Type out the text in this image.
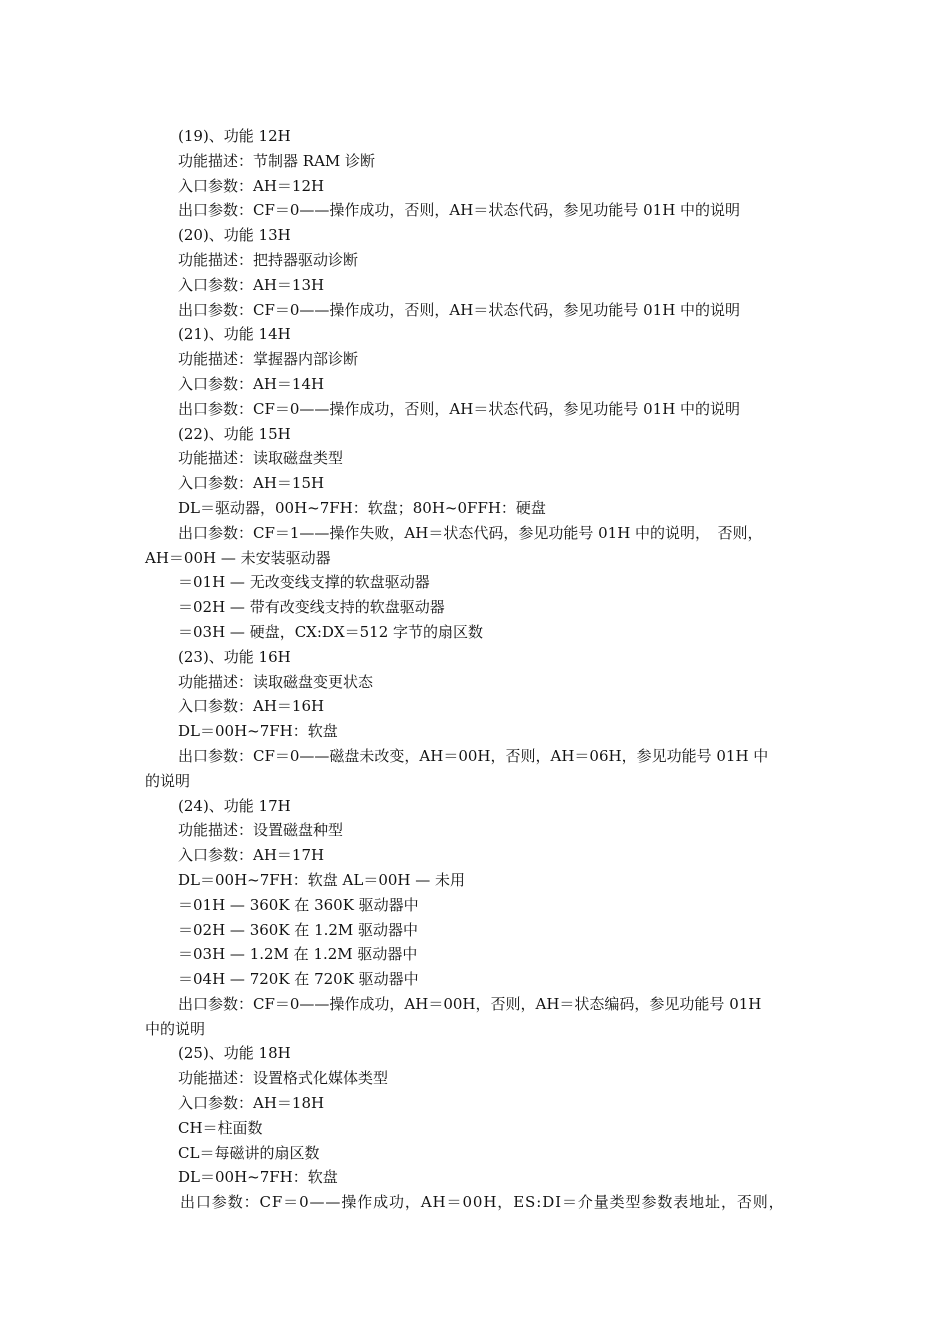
(19)、功能 12H
功能描述：节制器 RAM 诊断
入口参数：AH＝12H
出口参数：CF＝0——操作成功，否则，AH＝状态代码，参见功能号 01H 中的说明
(20)、功能 13H
功能描述：把持器驱动诊断
入口参数：AH＝13H
出口参数：CF＝0——操作成功，否则，AH＝状态代码，参见功能号 01H 中的说明
(21)、功能 14H
功能描述：掌握器内部诊断
入口参数：AH＝14H
出口参数：CF＝0——操作成功，否则，AH＝状态代码，参见功能号 01H 中的说明
(22)、功能 15H
功能描述：读取磁盘类型
入口参数：AH＝15H
DL＝驱动器，00H~7FH：软盘；80H~0FFH：硬盘
出口参数：CF＝1——操作失败，AH＝状态代码，参见功能号 01H 中的说明，　否则，
AH＝00H — 未安装驱动器
＝01H — 无改变线支撑的软盘驱动器
＝02H — 带有改变线支持的软盘驱动器
＝03H — 硬盘，CX:DX＝512 字节的扇区数
(23)、功能 16H
功能描述：读取磁盘变更状态
入口参数：AH＝16H
DL＝00H~7FH：软盘
出口参数：CF＝0——磁盘未改变，AH＝00H，否则，AH＝06H，参见功能号 01H 中
的说明
(24)、功能 17H
功能描述：设置磁盘种型
入口参数：AH＝17H
DL＝00H~7FH：软盘 AL＝00H — 未用
＝01H — 360K 在 360K 驱动器中
＝02H — 360K 在 1.2M 驱动器中
＝03H — 1.2M 在 1.2M 驱动器中
＝04H — 720K 在 720K 驱动器中
出口参数：CF＝0——操作成功，AH＝00H，否则，AH＝状态编码，参见功能号 01H
中的说明
(25)、功能 18H
功能描述：设置格式化媒体类型
入口参数：AH＝18H
CH＝柱面数
CL＝每磁讲的扇区数
DL＝00H~7FH：软盘
出口参数：CF＝0——操作成功，AH＝00H，ES:DI＝介量类型参数表地址，否则，
